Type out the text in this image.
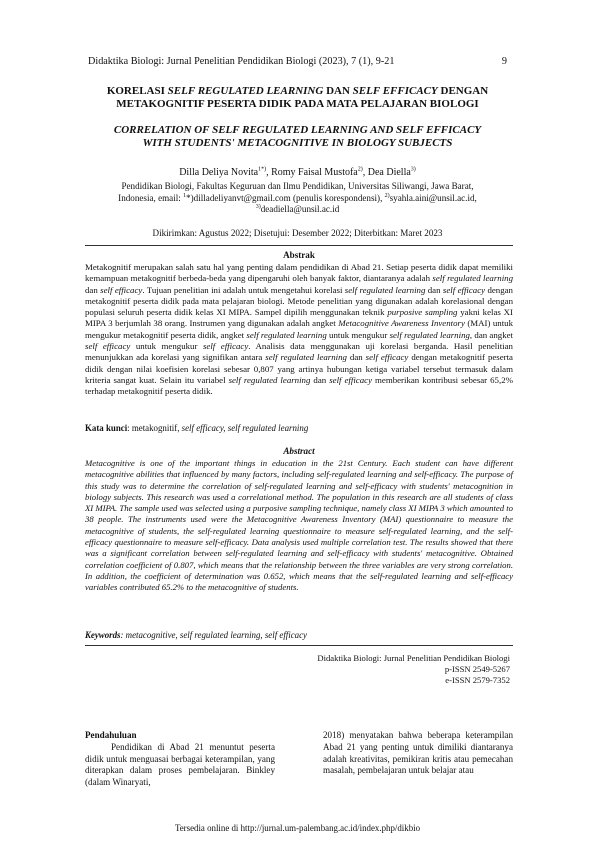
Didaktika Biologi: Jurnal Penelitian Pendidikan Biologi (2023), 7 (1), 9-21	9
KORELASI SELF REGULATED LEARNING DAN SELF EFFICACY DENGAN
METAKOGNITIF PESERTA DIDIK PADA MATA PELAJARAN BIOLOGI
CORRELATION OF SELF REGULATED LEARNING AND SELF EFFICACY
WITH STUDENTS' METACOGNITIVE IN BIOLOGY SUBJECTS
Dilla Deliya Novita$^{1*)}$, Romy Faisal Mustofa$^{2)}$, Dea Diella$^{3)}$
Pendidikan Biologi, Fakultas Keguruan dan Ilmu Pendidikan, Universitas Siliwangi, Jawa Barat,
Indonesia, email: $^1$*)dilladeliyanvt@gmail.com (penulis korespondensi), $^{2)}$syahla.aini@unsil.ac.id,
$^{3)}$deadiella@unsil.ac.id
Dikirimkan: Agustus 2022; Disetujui: Desember 2022; Diterbitkan: Maret 2023
Abstrak

Metakognitif merupakan salah satu hal yang penting dalam pendidikan di Abad 21. Setiap peserta didik dapat memiliki kemampuan metakognitif berbeda-beda yang dipengaruhi oleh banyak faktor, diantaranya adalah self regulated learning dan self efficacy. Tujuan penelitian ini adalah untuk mengetahui korelasi self regulated learning dan self efficacy dengan metakognitif peserta didik pada mata pelajaran biologi. Metode penelitian yang digunakan adalah korelasional dengan populasi seluruh peserta didik kelas XI MIPA. Sampel dipilih menggunakan teknik purposive sampling yakni kelas XI MIPA 3 berjumlah 38 orang. Instrumen yang digunakan adalah angket Metacognitive Awareness Inventory (MAI) untuk mengukur metakognitif peserta didik, angket self regulated learning untuk mengukur self regulated learning, dan angket self efficacy untuk mengukur self efficacy. Analisis data menggunakan uji korelasi berganda. Hasil penelitian menunjukkan ada korelasi yang signifikan antara self regulated learning dan self efficacy dengan metakognitif peserta didik dengan nilai koefisien korelasi sebesar 0,807 yang artinya hubungan ketiga variabel tersebut termasuk dalam kriteria sangat kuat. Selain itu variabel self regulated learning dan self efficacy memberikan kontribusi sebesar 65,2% terhadap metakognitif peserta didik.

Kata kunci: metakognitif, self efficacy, self regulated learning
Abstract

Metacognitive is one of the important things in education in the 21st Century. Each student can have different metacognitive abilities that influenced by many factors, including self-regulated learning and self-efficacy. The purpose of this study was to determine the correlation of self-regulated learning and self-efficacy with students' metacognition in biology subjects. This research was used a correlational method. The population in this research are all students of class XI MIPA. The sample used was selected using a purposive sampling technique, namely class XI MIPA 3 which amounted to 38 people. The instruments used were the Metacognitive Awareness Inventory (MAI) questionnaire to measure the metacognitive of students, the self-regulated learning questionnaire to measure self-regulated learning, and the self-efficacy questionnaire to measure self-efficacy. Data analysis used multiple correlation test. The results showed that there was a significant correlation between self-regulated learning and self-efficacy with students' metacognitive. Obtained correlation coefficient of 0.807, which means that the relationship between the three variables are very strong correlation. In addition, the coefficient of determination was 0.652, which means that the self-regulated learning and self-efficacy variables contributed 65.2% to the metacognitive of students.

Keywords: metacognitive, self regulated learning, self efficacy
Didaktika Biologi: Jurnal Penelitian Pendidikan Biologi
p-ISSN 2549-5267
e-ISSN 2579-7352
Pendahuluan
Pendidikan di Abad 21 menuntut peserta didik untuk menguasai berbagai keterampilan, yang diterapkan dalam proses pembelajaran. Binkley (dalam Winaryati,
2018) menyatakan bahwa beberapa keterampilan Abad 21 yang penting untuk dimiliki diantaranya adalah kreativitas, pemikiran kritis atau pemecahan masalah, pembelajaran untuk belajar atau
Tersedia online di http://jurnal.um-palembang.ac.id/index.php/dikbio
